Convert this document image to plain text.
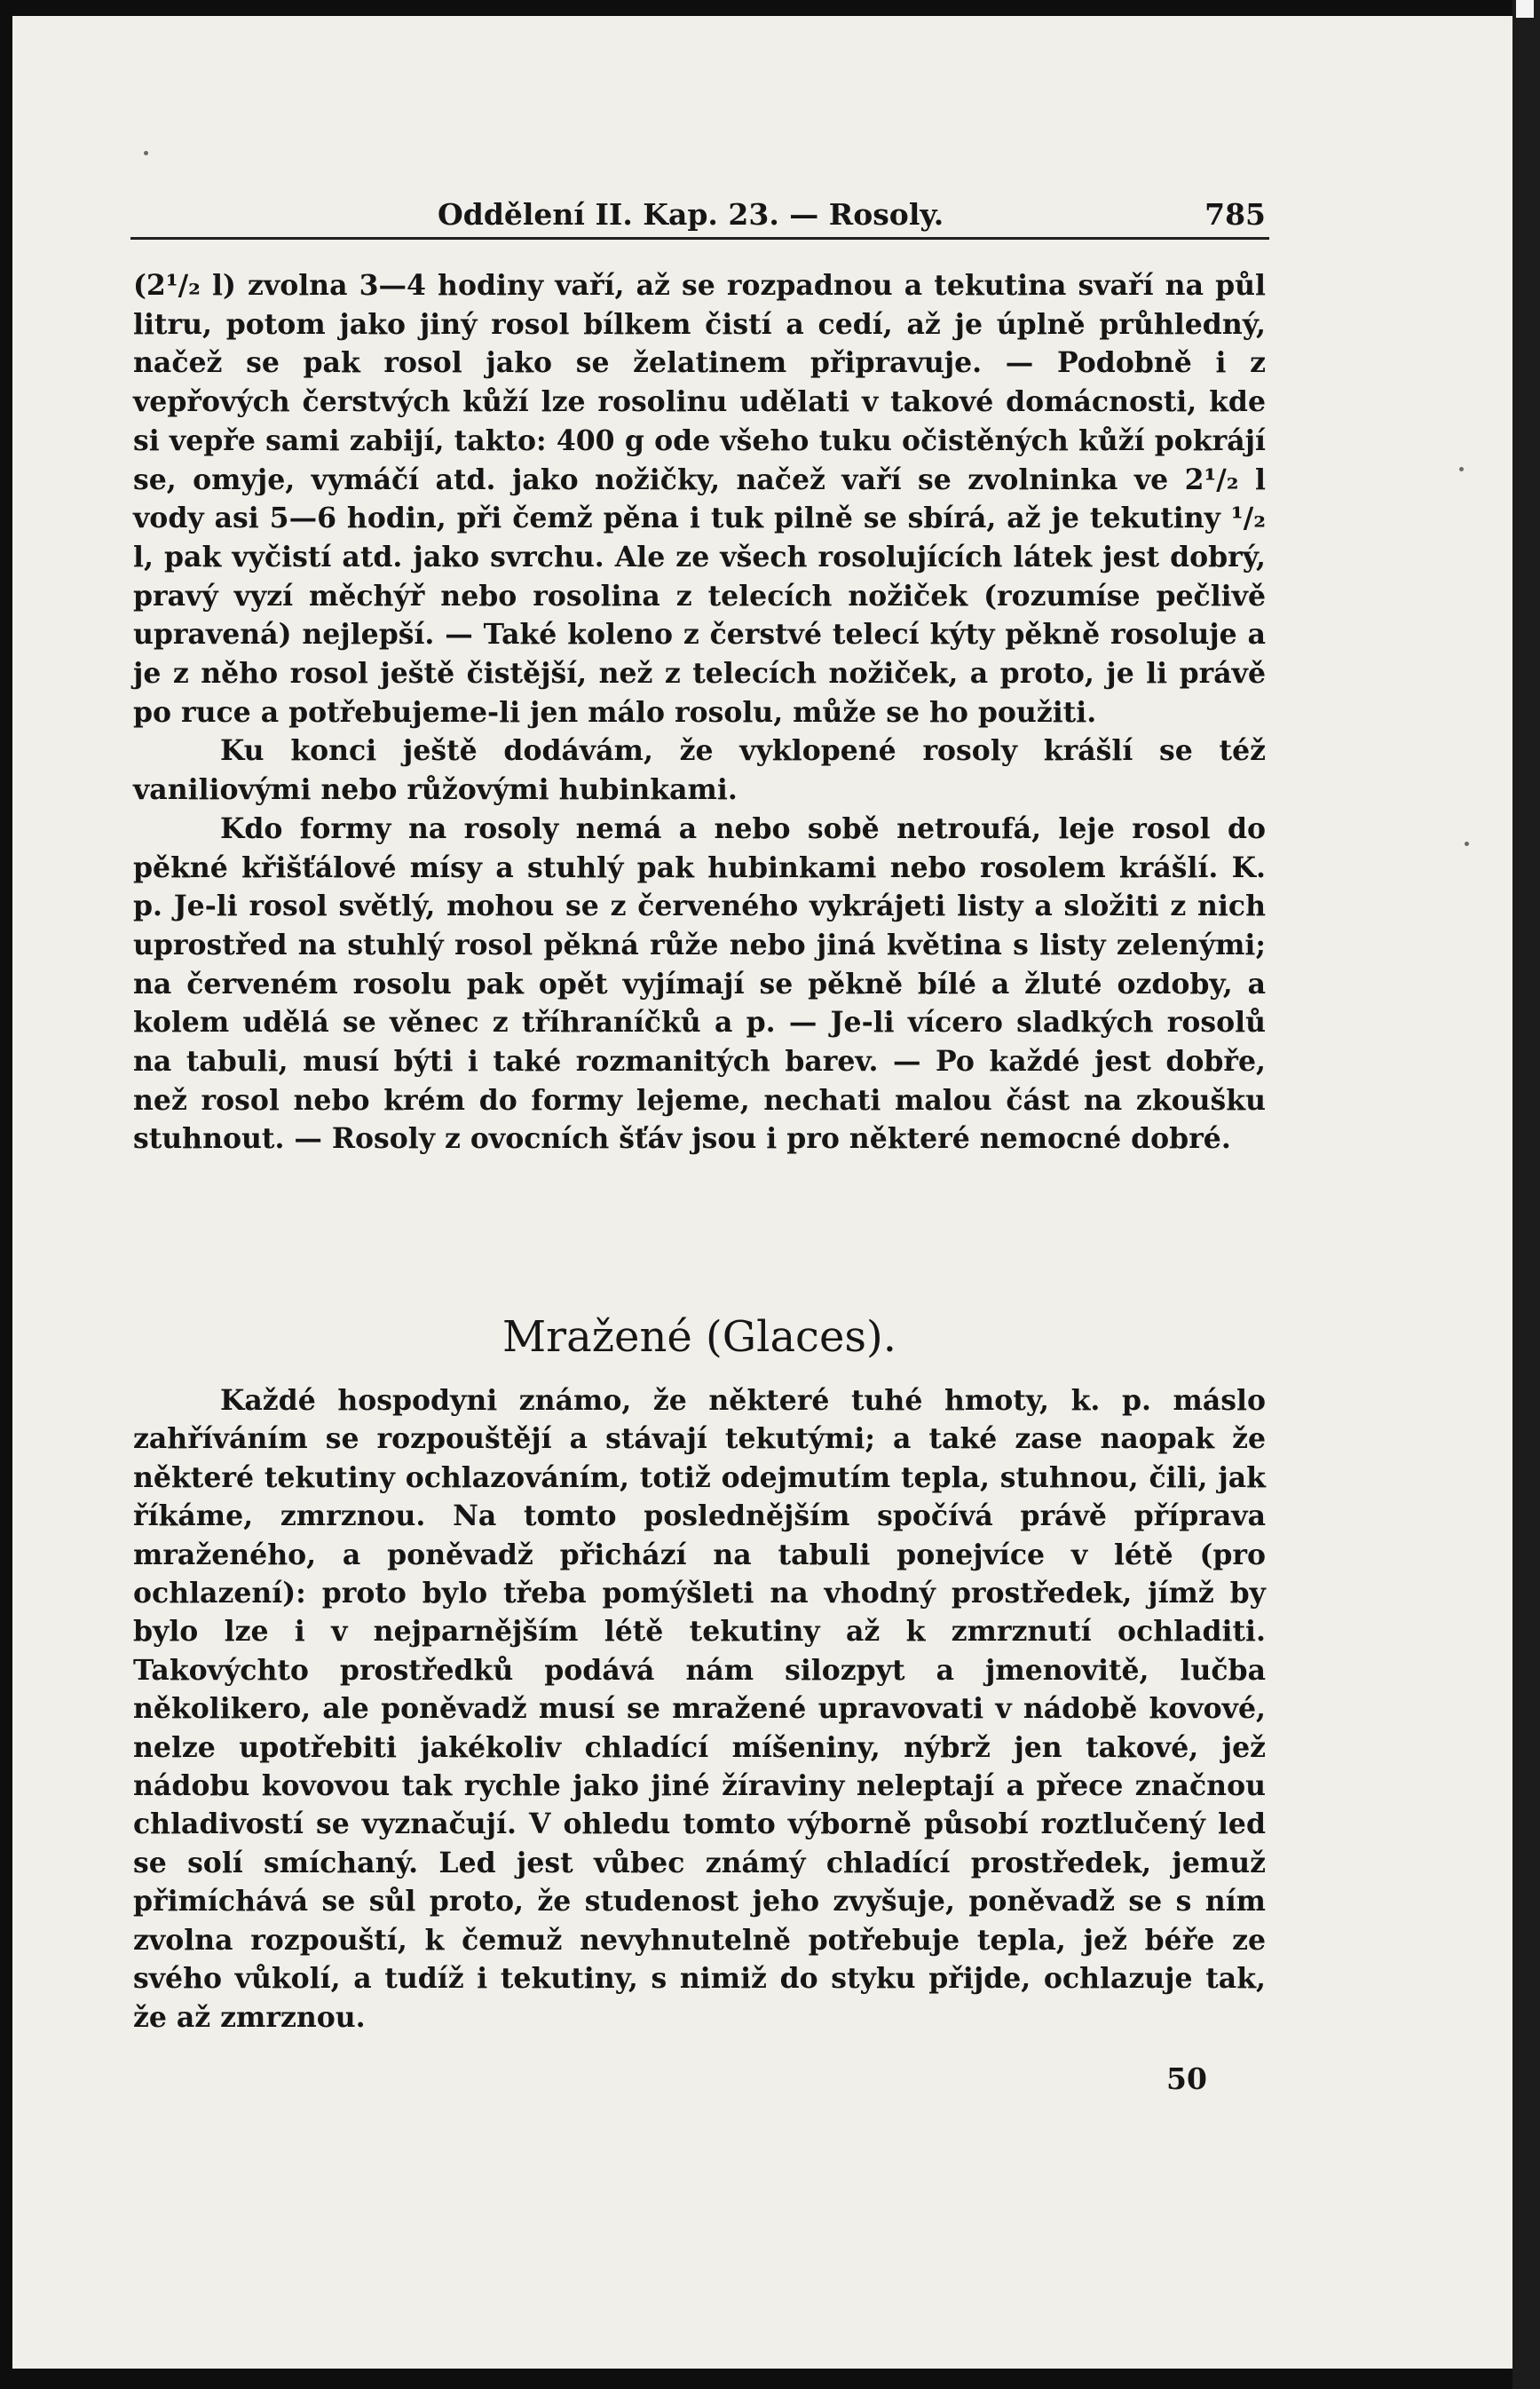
Oddělení II. Kap. 23. — Rosoly.	785

(2¹/₂ l) zvolna 3—4 hodiny vaří, až se rozpadnou a tekutina svaří na půl litru, potom jako jiný rosol bílkem čistí a cedí, až je úplně průhledný, načež se pak rosol jako se želatinem připravuje. — Podobně i z vepřových čerstvých kůží lze rosolinu udělati v takové domácnosti, kde si vepře sami zabijí, takto: 400 g ode všeho tuku očistěných kůží pokrájí se, omyje, vymáčí atd. jako nožičky, načež vaří se zvolninka ve 2¹/₂ l vody asi 5—6 hodin, při čemž pěna i tuk pilně se sbírá, až je tekutiny ¹/₂ l, pak vyčistí atd. jako svrchu. Ale ze všech rosolujících látek jest dobrý, pravý vyzí měchýř nebo rosolina z telecích nožiček (rozumíse pečlivě upravená) nejlepší. — Také koleno z čerstvé telecí kýty pěkně rosoluje a je z něho rosol ještě čistější, než z telecích nožiček, a proto, je li právě po ruce a potřebujeme-li jen málo rosolu, může se ho použiti.

Ku konci ještě dodávám, že vyklopené rosoly krášlí se též vaniliovými nebo růžovými hubinkami.

Kdo formy na rosoly nemá a nebo sobě netroufá, leje rosol do pěkné křišťálové mísy a stuhlý pak hubinkami nebo rosolem krášlí. K. p. Je-li rosol světlý, mohou se z červeného vykrájeti listy a složiti z nich uprostřed na stuhlý rosol pěkná růže nebo jiná květina s listy zelenými; na červeném rosolu pak opět vyjímají se pěkně bílé a žluté ozdoby, a kolem udělá se věnec z tříhraníčků a p. — Je-li vícero sladkých rosolů na tabuli, musí býti i také rozmanitých barev. — Po každé jest dobře, než rosol nebo krém do formy lejeme, nechati malou část na zkoušku stuhnout. — Rosoly z ovocních šťáv jsou i pro některé nemocné dobré.

Mražené (Glaces).

Každé hospodyni známo, že některé tuhé hmoty, k. p. máslo zahříváním se rozpouštějí a stávají tekutými; a také zase naopak že některé tekutiny ochlazováním, totiž odejmutím tepla, stuhnou, čili, jak říkáme, zmrznou. Na tomto poslednějším spočívá právě příprava mraženého, a poněvadž přichází na tabuli ponejvíce v létě (pro ochlazení): proto bylo třeba pomýšleti na vhodný prostředek, jímž by bylo lze i v nejparnějším létě tekutiny až k zmrznutí ochladiti. Takovýchto prostředků podává nám silozpyt a jmenovitě, lučba několikero, ale poněvadž musí se mražené upravovati v nádobě kovové, nelze upotřebiti jakékoliv chladící míšeniny, nýbrž jen takové, jež nádobu kovovou tak rychle jako jiné žíraviny neleptají a přece značnou chladivostí se vyznačují. V ohledu tomto výborně působí roztlučený led se solí smíchaný. Led jest vůbec známý chladící prostředek, jemuž přimíchává se sůl proto, že studenost jeho zvyšuje, poněvadž se s ním zvolna rozpouští, k čemuž nevyhnutelně potřebuje tepla, jež béře ze svého vůkolí, a tudíž i tekutiny, s nimiž do styku přijde, ochlazuje tak, že až zmrznou.

50
